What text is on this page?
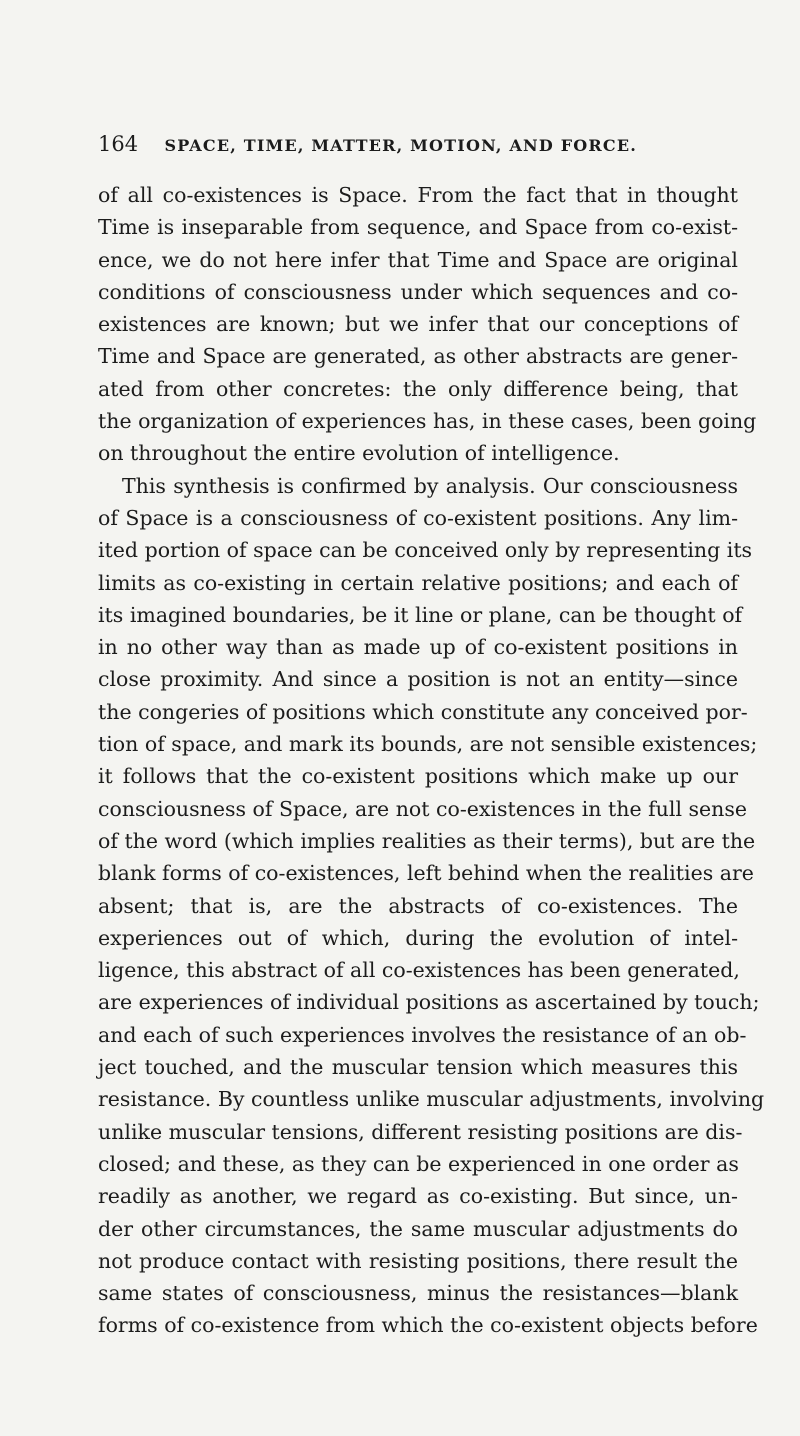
164 SPACE, TIME, MATTER, MOTION, AND FORCE.
of all co-existences is Space. From the fact that in thought
Time is inseparable from sequence, and Space from co-exist-
ence, we do not here infer that Time and Space are original
conditions of consciousness under which sequences and co-
existences are known; but we infer that our conceptions of
Time and Space are generated, as other abstracts are gener-
ated from other concretes: the only difference being, that
the organization of experiences has, in these cases, been going
on throughout the entire evolution of intelligence.
This synthesis is confirmed by analysis. Our consciousness
of Space is a consciousness of co-existent positions. Any lim-
ited portion of space can be conceived only by representing its
limits as co-existing in certain relative positions; and each of
its imagined boundaries, be it line or plane, can be thought of
in no other way than as made up of co-existent positions in
close proximity. And since a position is not an entity—since
the congeries of positions which constitute any conceived por-
tion of space, and mark its bounds, are not sensible existences;
it follows that the co-existent positions which make up our
consciousness of Space, are not co-existences in the full sense
of the word (which implies realities as their terms), but are the
blank forms of co-existences, left behind when the realities are
absent; that is, are the abstracts of co-existences. The
experiences out of which, during the evolution of intel-
ligence, this abstract of all co-existences has been generated,
are experiences of individual positions as ascertained by touch;
and each of such experiences involves the resistance of an ob-
ject touched, and the muscular tension which measures this
resistance. By countless unlike muscular adjustments, involving
unlike muscular tensions, different resisting positions are dis-
closed; and these, as they can be experienced in one order as
readily as another, we regard as co-existing. But since, un-
der other circumstances, the same muscular adjustments do
not produce contact with resisting positions, there result the
same states of consciousness, minus the resistances—blank
forms of co-existence from which the co-existent objects before
